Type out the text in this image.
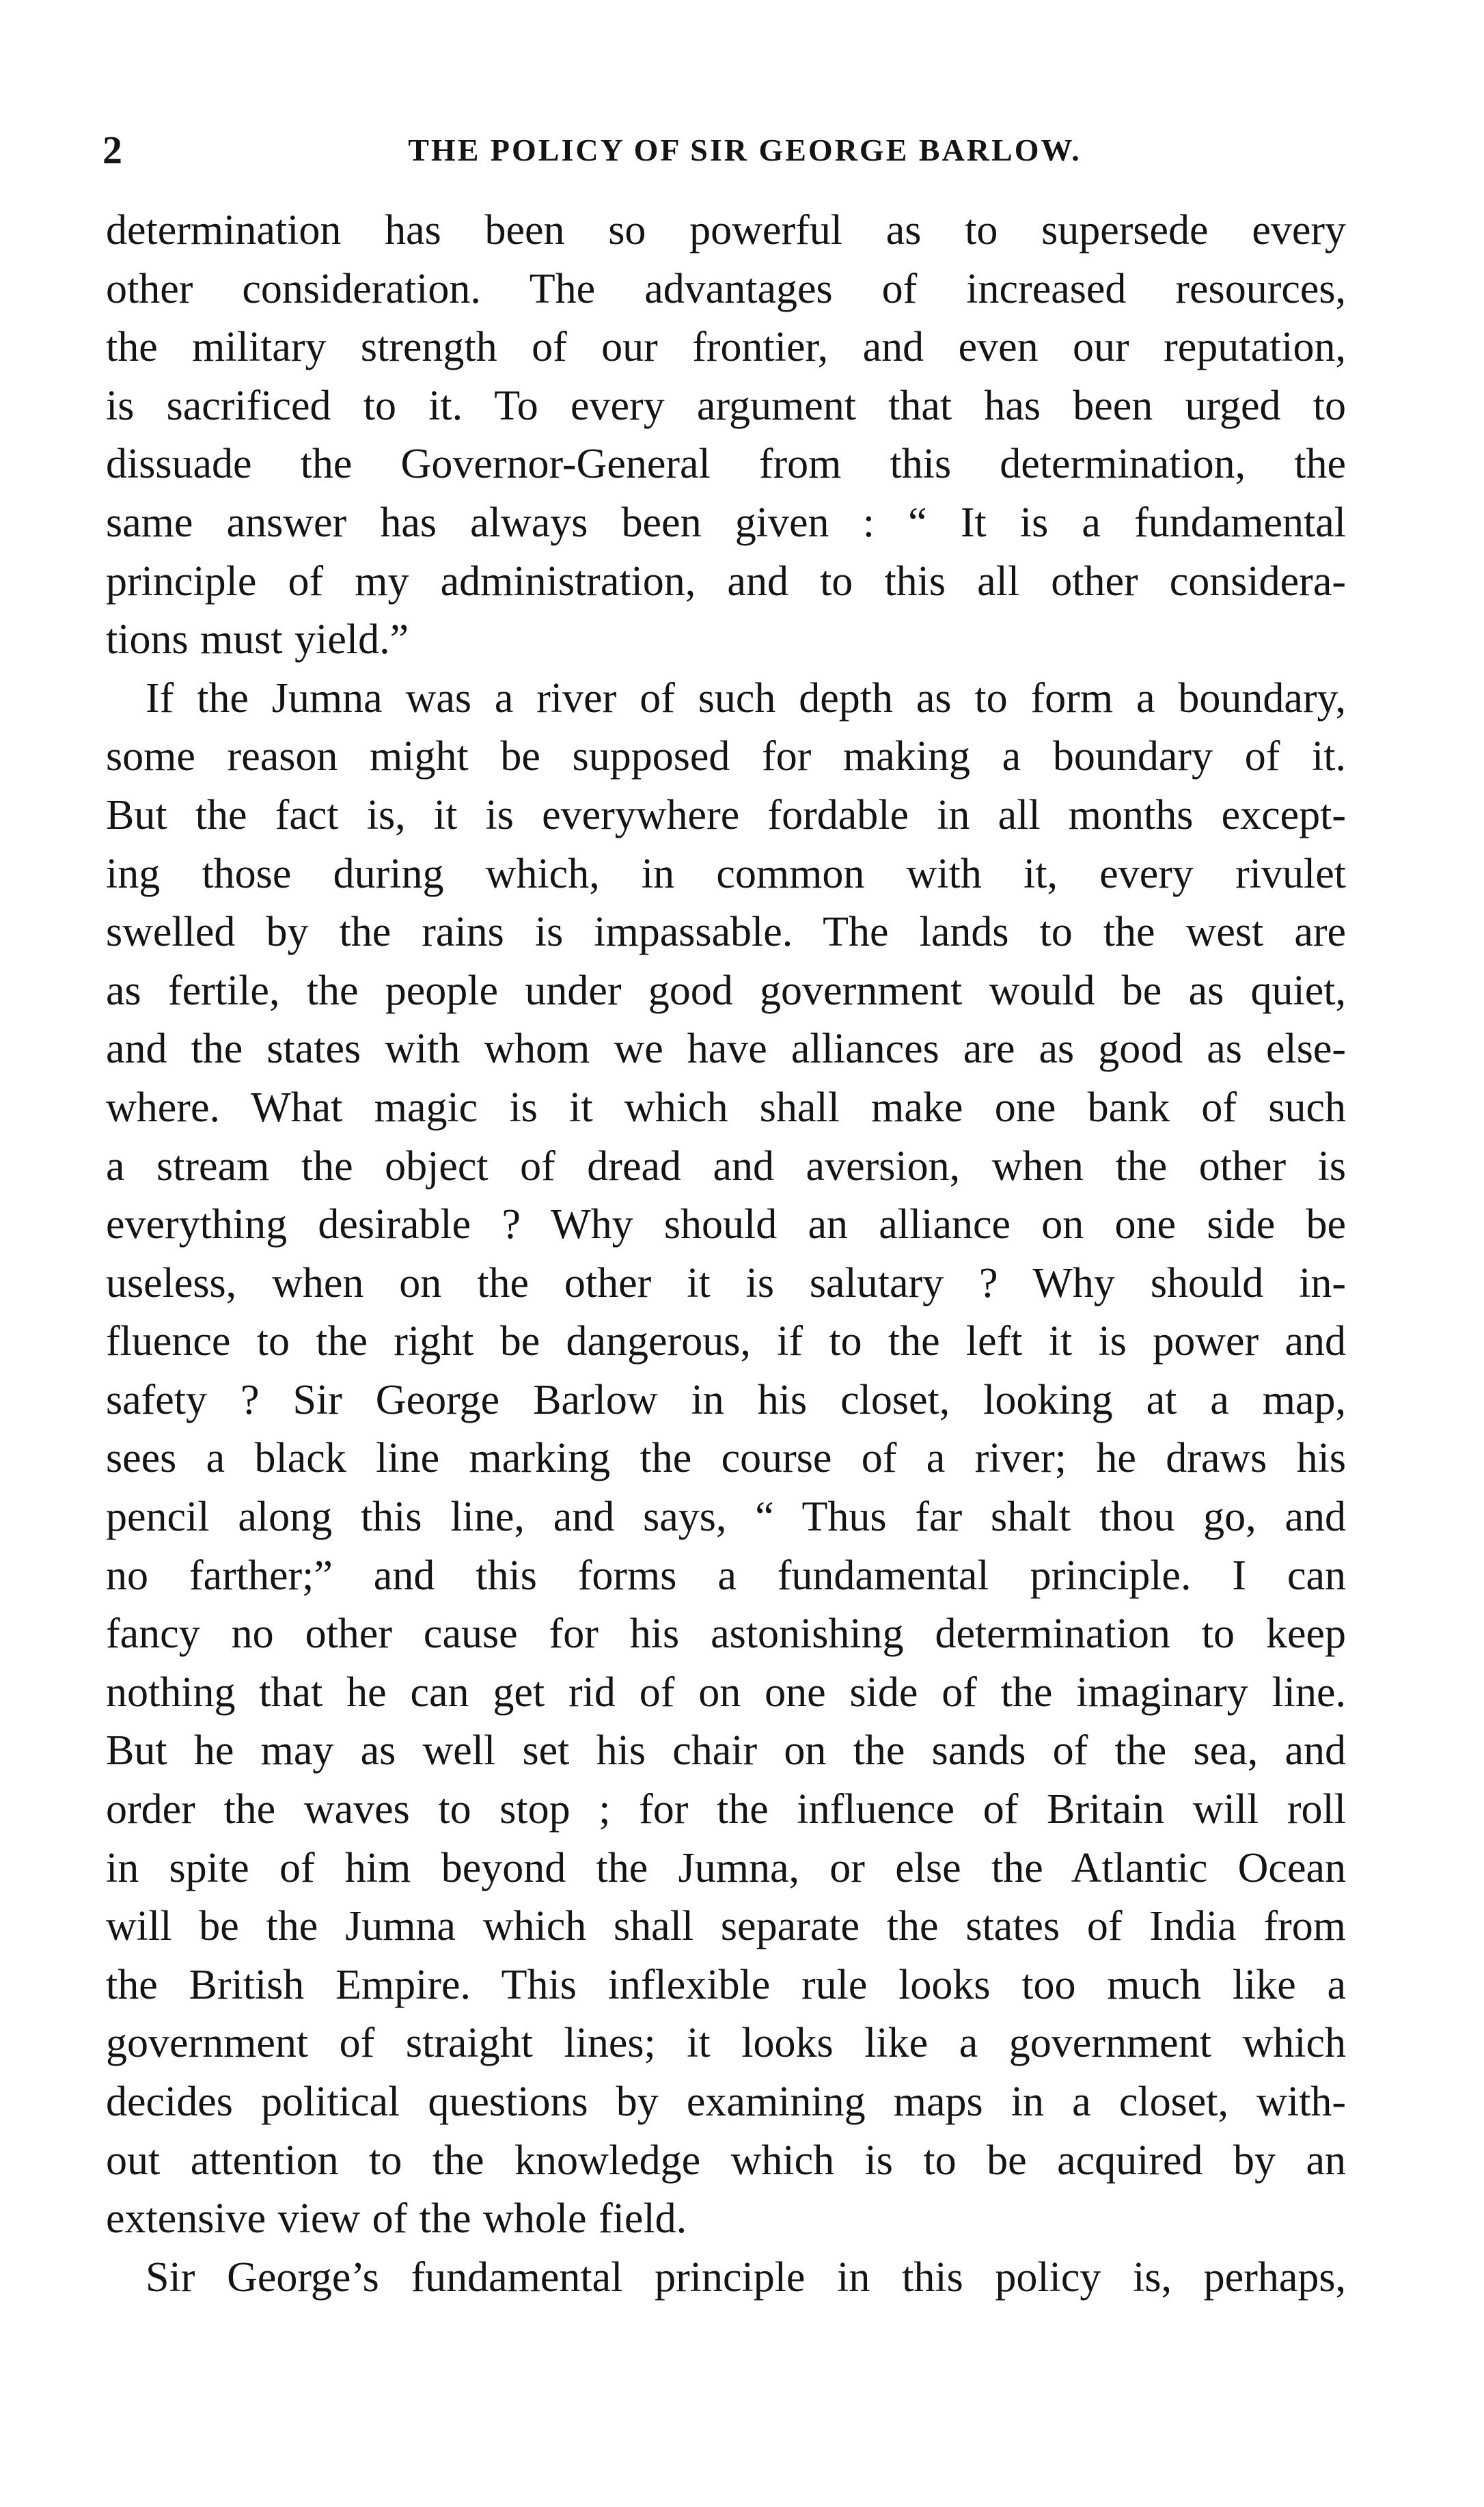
2	THE POLICY OF SIR GEORGE BARLOW.
determination has been so powerful as to supersede every
other consideration. The advantages of increased resources,
the military strength of our frontier, and even our reputation,
is sacrificed to it. To every argument that has been urged to
dissuade the Governor-General from this determination, the
same answer has always been given : “ It is a fundamental
principle of my administration, and to this all other considera-
tions must yield.”
If the Jumna was a river of such depth as to form a boundary,
some reason might be supposed for making a boundary of it.
But the fact is, it is everywhere fordable in all months except-
ing those during which, in common with it, every rivulet
swelled by the rains is impassable. The lands to the west are
as fertile, the people under good government would be as quiet,
and the states with whom we have alliances are as good as else-
where. What magic is it which shall make one bank of such
a stream the object of dread and aversion, when the other is
everything desirable ? Why should an alliance on one side be
useless, when on the other it is salutary ? Why should in-
fluence to the right be dangerous, if to the left it is power and
safety ? Sir George Barlow in his closet, looking at a map,
sees a black line marking the course of a river; he draws his
pencil along this line, and says, “ Thus far shalt thou go, and
no farther;” and this forms a fundamental principle. I can
fancy no other cause for his astonishing determination to keep
nothing that he can get rid of on one side of the imaginary line.
But he may as well set his chair on the sands of the sea, and
order the waves to stop ; for the influence of Britain will roll
in spite of him beyond the Jumna, or else the Atlantic Ocean
will be the Jumna which shall separate the states of India from
the British Empire. This inflexible rule looks too much like a
government of straight lines; it looks like a government which
decides political questions by examining maps in a closet, with-
out attention to the knowledge which is to be acquired by an
extensive view of the whole field.
Sir George’s fundamental principle in this policy is, perhaps,
